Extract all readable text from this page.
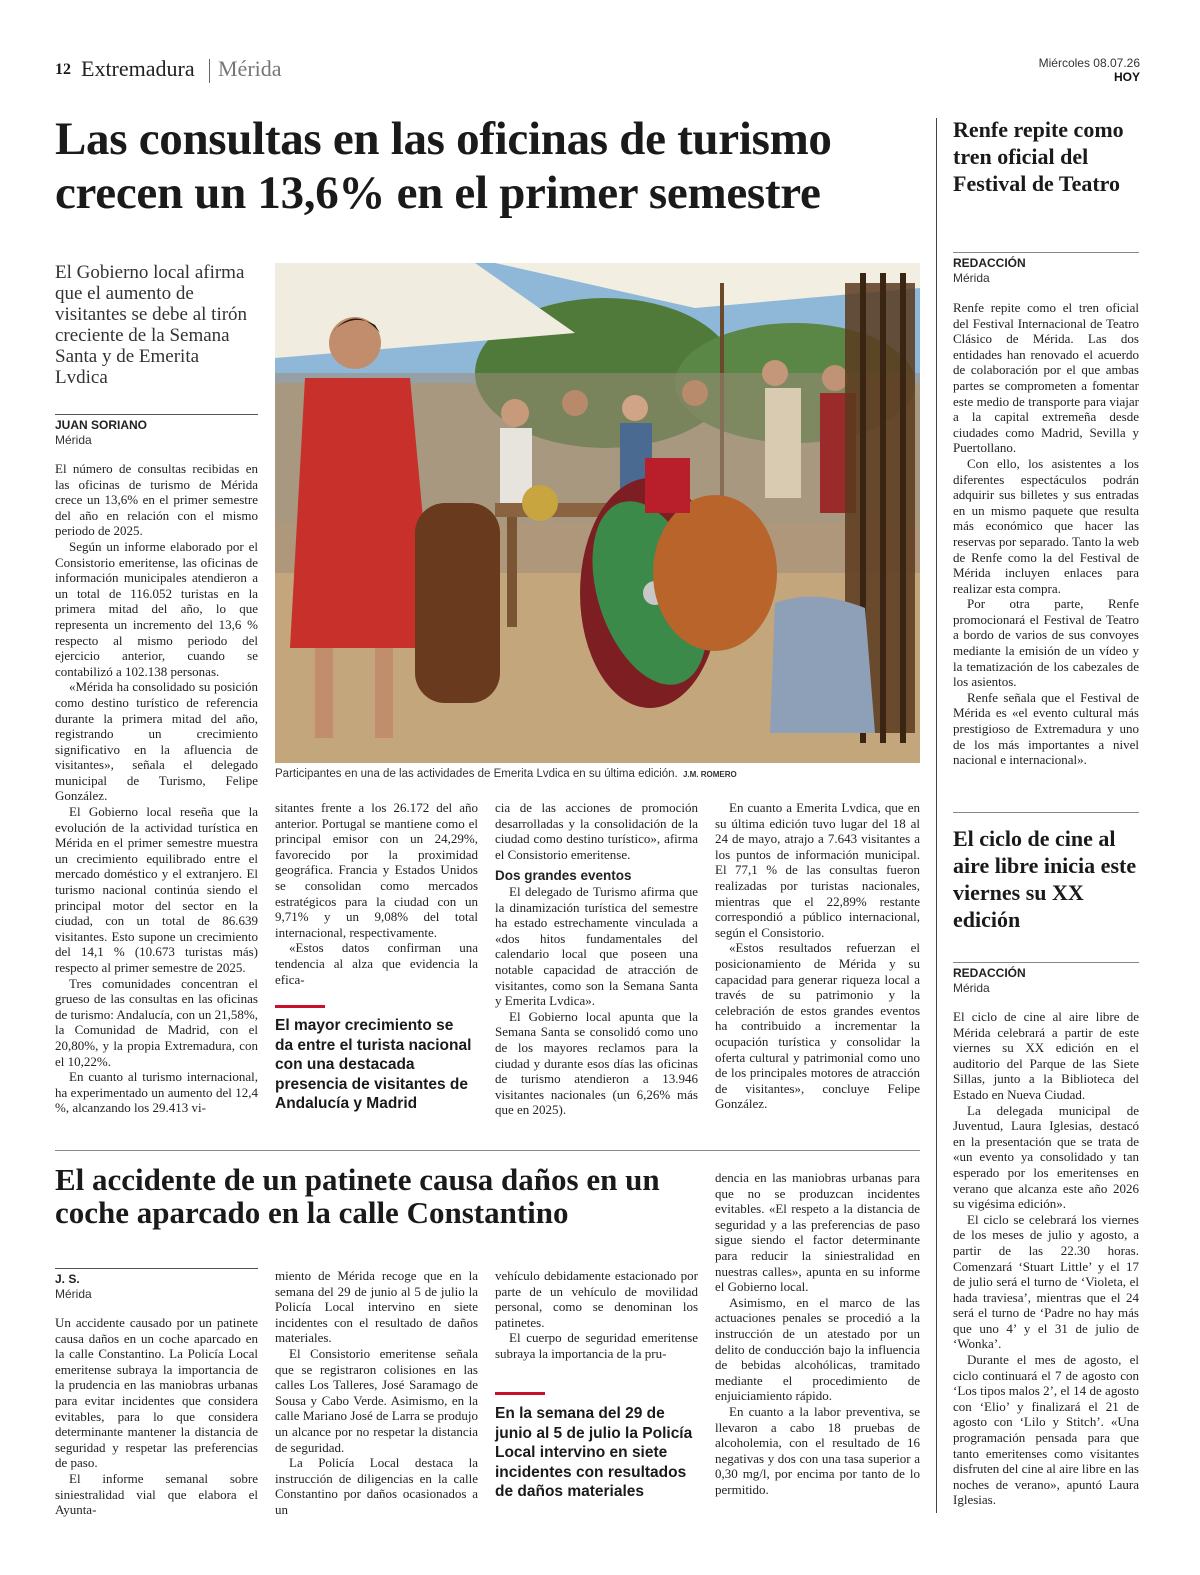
12 Extremadura Mérida	Miércoles 08.07.26
HOY
Las consultas en las oficinas de turismo crecen un 13,6% en el primer semestre
El Gobierno local afirma que el aumento de visitantes se debe al tirón creciente de la Semana Santa y de Emerita Lvdica
JUAN SORIANO
Mérida
Participantes en una de las actividades de Emerita Lvdica en su última edición. J.M. ROMERO

El número de consultas recibidas en las oficinas de turismo de Mérida crece un 13,6% en el primer semestre del año en relación con el mismo periodo de 2025.

Según un informe elaborado por el Consistorio emeritense, las oficinas de información municipales atendieron a un total de 116.052 turistas en la primera mitad del año, lo que representa un incremento del 13,6 % respecto al mismo periodo del ejercicio anterior, cuando se contabilizó a 102.138 personas.

«Mérida ha consolidado su posición como destino turístico de referencia durante la primera mitad del año, registrando un crecimiento significativo en la afluencia de visitantes», señala el delegado municipal de Turismo, Felipe González.

El Gobierno local reseña que la evolución de la actividad turística en Mérida en el primer semestre muestra un crecimiento equilibrado entre el mercado doméstico y el extranjero. El turismo nacional continúa siendo el principal motor del sector en la ciudad, con un total de 86.639 visitantes. Esto supone un crecimiento del 14,1 % (10.673 turistas más) respecto al primer semestre de 2025.

Tres comunidades concentran el grueso de las consultas en las oficinas de turismo: Andalucía, con un 21,58%, la Comunidad de Madrid, con el 20,80%, y la propia Extremadura, con el 10,22%.

En cuanto al turismo internacional, ha experimentado un aumento del 12,4 %, alcanzando los 29.413 vi-

sitantes frente a los 26.172 del año anterior. Portugal se mantiene como el principal emisor con un 24,29%, favorecido por la proximidad geográfica. Francia y Estados Unidos se consolidan como mercados estratégicos para la ciudad con un 9,71% y un 9,08% del total internacional, respectivamente.

«Estos datos confirman una tendencia al alza que evidencia la efica-

El mayor crecimiento se da entre el turista nacional con una destacada presencia de visitantes de Andalucía y Madrid

cia de las acciones de promoción desarrolladas y la consolidación de la ciudad como destino turístico», afirma el Consistorio emeritense.

Dos grandes eventos

El delegado de Turismo afirma que la dinamización turística del semestre ha estado estrechamente vinculada a «dos hitos fundamentales del calendario local que poseen una notable capacidad de atracción de visitantes, como son la Semana Santa y Emerita Lvdica».

El Gobierno local apunta que la Semana Santa se consolidó como uno de los mayores reclamos para la ciudad y durante esos días las oficinas de turismo atendieron a 13.946 visitantes nacionales (un 6,26% más que en 2025).

En cuanto a Emerita Lvdica, que en su última edición tuvo lugar del 18 al 24 de mayo, atrajo a 7.643 visitantes a los puntos de información municipal. El 77,1 % de las consultas fueron realizadas por turistas nacionales, mientras que el 22,89% restante correspondió a público internacional, según el Consistorio.

«Estos resultados refuerzan el posicionamiento de Mérida y su capacidad para generar riqueza local a través de su patrimonio y la celebración de estos grandes eventos ha contribuido a incrementar la ocupación turística y consolidar la oferta cultural y patrimonial como uno de los principales motores de atracción de visitantes», concluye Felipe González.

Renfe repite como tren oficial del Festival de Teatro
REDACCIÓN
Mérida

Renfe repite como el tren oficial del Festival Internacional de Teatro Clásico de Mérida. Las dos entidades han renovado el acuerdo de colaboración por el que ambas partes se comprometen a fomentar este medio de transporte para viajar a la capital extremeña desde ciudades como Madrid, Sevilla y Puertollano.

Con ello, los asistentes a los diferentes espectáculos podrán adquirir sus billetes y sus entradas en un mismo paquete que resulta más económico que hacer las reservas por separado. Tanto la web de Renfe como la del Festival de Mérida incluyen enlaces para realizar esta compra.

Por otra parte, Renfe promocionará el Festival de Teatro a bordo de varios de sus convoyes mediante la emisión de un vídeo y la tematización de los cabezales de los asientos.

Renfe señala que el Festival de Mérida es «el evento cultural más prestigioso de Extremadura y uno de los más importantes a nivel nacional e internacional».

El ciclo de cine al aire libre inicia este viernes su XX edición
REDACCIÓN
Mérida

El ciclo de cine al aire libre de Mérida celebrará a partir de este viernes su XX edición en el auditorio del Parque de las Siete Sillas, junto a la Biblioteca del Estado en Nueva Ciudad.

La delegada municipal de Juventud, Laura Iglesias, destacó en la presentación que se trata de «un evento ya consolidado y tan esperado por los emeritenses en verano que alcanza este año 2026 su vigésima edición».

El ciclo se celebrará los viernes de los meses de julio y agosto, a partir de las 22.30 horas. Comenzará ‘Stuart Little’ y el 17 de julio será el turno de ‘Violeta, el hada traviesa’, mientras que el 24 será el turno de ‘Padre no hay más que uno 4’ y el 31 de julio de ‘Wonka’.

Durante el mes de agosto, el ciclo continuará el 7 de agosto con ‘Los tipos malos 2’, el 14 de agosto con ‘Elio’ y finalizará el 21 de agosto con ‘Lilo y Stitch’. «Una programación pensada para que tanto emeritenses como visitantes disfruten del cine al aire libre en las noches de verano», apuntó Laura Iglesias.

El accidente de un patinete causa daños en un coche aparcado en la calle Constantino
J. S.
Mérida

Un accidente causado por un patinete causa daños en un coche aparcado en la calle Constantino. La Policía Local emeritense subraya la importancia de la prudencia en las maniobras urbanas para evitar incidentes que considera evitables, para lo que considera determinante mantener la distancia de seguridad y respetar las preferencias de paso.

El informe semanal sobre siniestralidad vial que elabora el Ayunta-

miento de Mérida recoge que en la semana del 29 de junio al 5 de julio la Policía Local intervino en siete incidentes con el resultado de daños materiales.

El Consistorio emeritense señala que se registraron colisiones en las calles Los Talleres, José Saramago de Sousa y Cabo Verde. Asimismo, en la calle Mariano José de Larra se produjo un alcance por no respetar la distancia de seguridad.

La Policía Local destaca la instrucción de diligencias en la calle Constantino por daños ocasionados a un

vehículo debidamente estacionado por parte de un vehículo de movilidad personal, como se denominan los patinetes.

El cuerpo de seguridad emeritense subraya la importancia de la pru-

En la semana del 29 de junio al 5 de julio la Policía Local intervino en siete incidentes con resultados de daños materiales

dencia en las maniobras urbanas para que no se produzcan incidentes evitables. «El respeto a la distancia de seguridad y a las preferencias de paso sigue siendo el factor determinante para reducir la siniestralidad en nuestras calles», apunta en su informe el Gobierno local.

Asimismo, en el marco de las actuaciones penales se procedió a la instrucción de un atestado por un delito de conducción bajo la influencia de bebidas alcohólicas, tramitado mediante el procedimiento de enjuiciamiento rápido.

En cuanto a la labor preventiva, se llevaron a cabo 18 pruebas de alcoholemia, con el resultado de 16 negativas y dos con una tasa superior a 0,30 mg/l, por encima por tanto de lo permitido.
